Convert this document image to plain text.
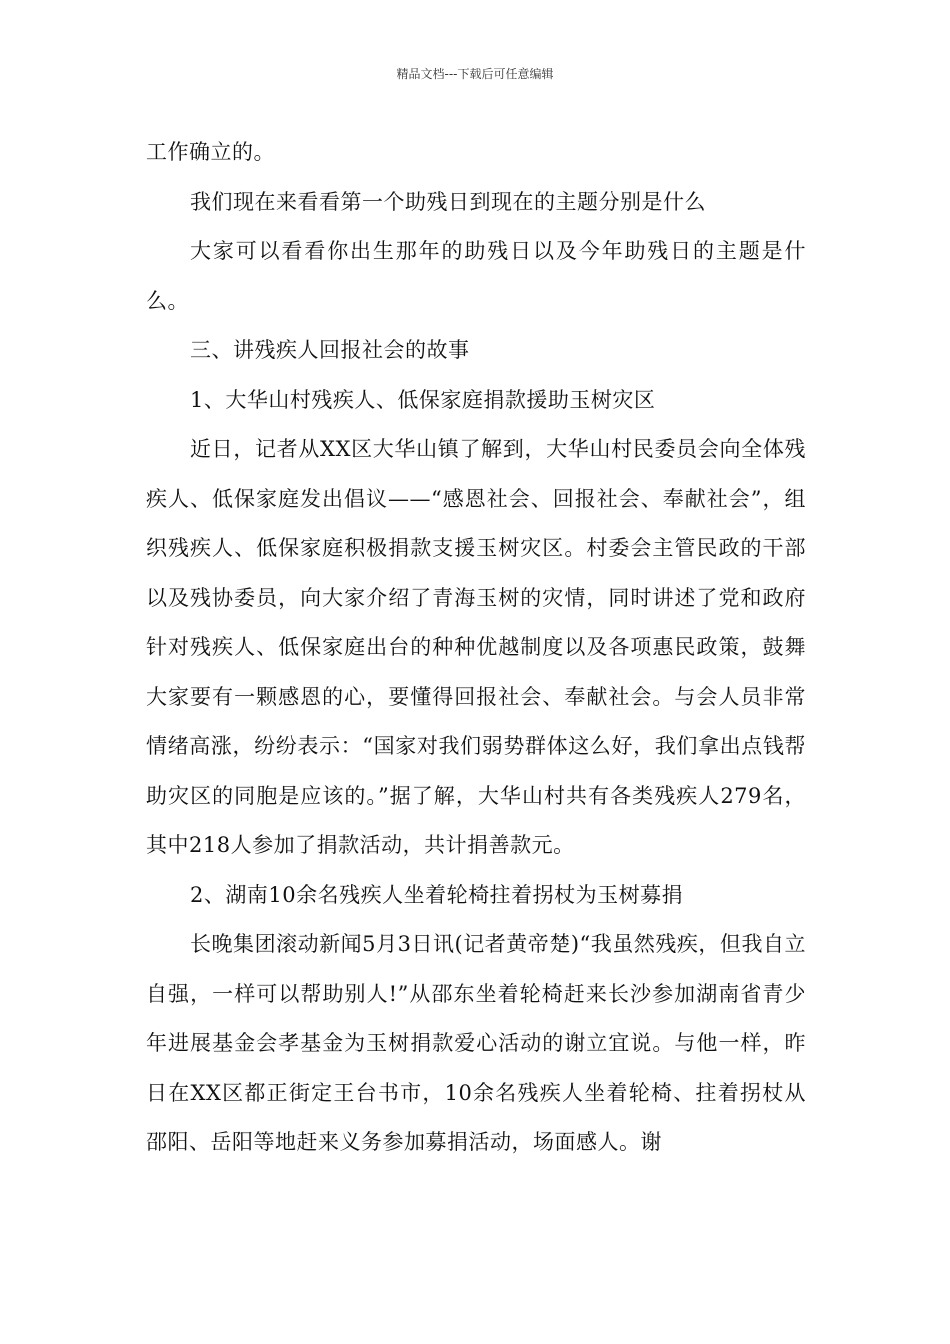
精品文档---下载后可任意编辑

工作确立的。

我们现在来看看第一个助残日到现在的主题分别是什么

大家可以看看你出生那年的助残日以及今年助残日的主题是什么。

三、讲残疾人回报社会的故事

1、大华山村残疾人、低保家庭捐款援助玉树灾区

近日，记者从XX区大华山镇了解到，大华山村民委员会向全体残疾人、低保家庭发出倡议——“感恩社会、回报社会、奉献社会”，组织残疾人、低保家庭积极捐款支援玉树灾区。村委会主管民政的干部以及残协委员，向大家介绍了青海玉树的灾情，同时讲述了党和政府针对残疾人、低保家庭出台的种种优越制度以及各项惠民政策，鼓舞大家要有一颗感恩的心，要懂得回报社会、奉献社会。与会人员非常情绪高涨，纷纷表示：“国家对我们弱势群体这么好，我们拿出点钱帮助灾区的同胞是应该的。”据了解，大华山村共有各类残疾人279名，其中218人参加了捐款活动，共计捐善款元。

2、湖南10余名残疾人坐着轮椅拄着拐杖为玉树募捐

长晚集团滚动新闻5月3日讯(记者黄帝楚)“我虽然残疾，但我自立自强，一样可以帮助别人!”从邵东坐着轮椅赶来长沙参加湖南省青少年进展基金会孝基金为玉树捐款爱心活动的谢立宜说。与他一样，昨日在XX区都正街定王台书市，10余名残疾人坐着轮椅、拄着拐杖从邵阳、岳阳等地赶来义务参加募捐活动，场面感人。谢
